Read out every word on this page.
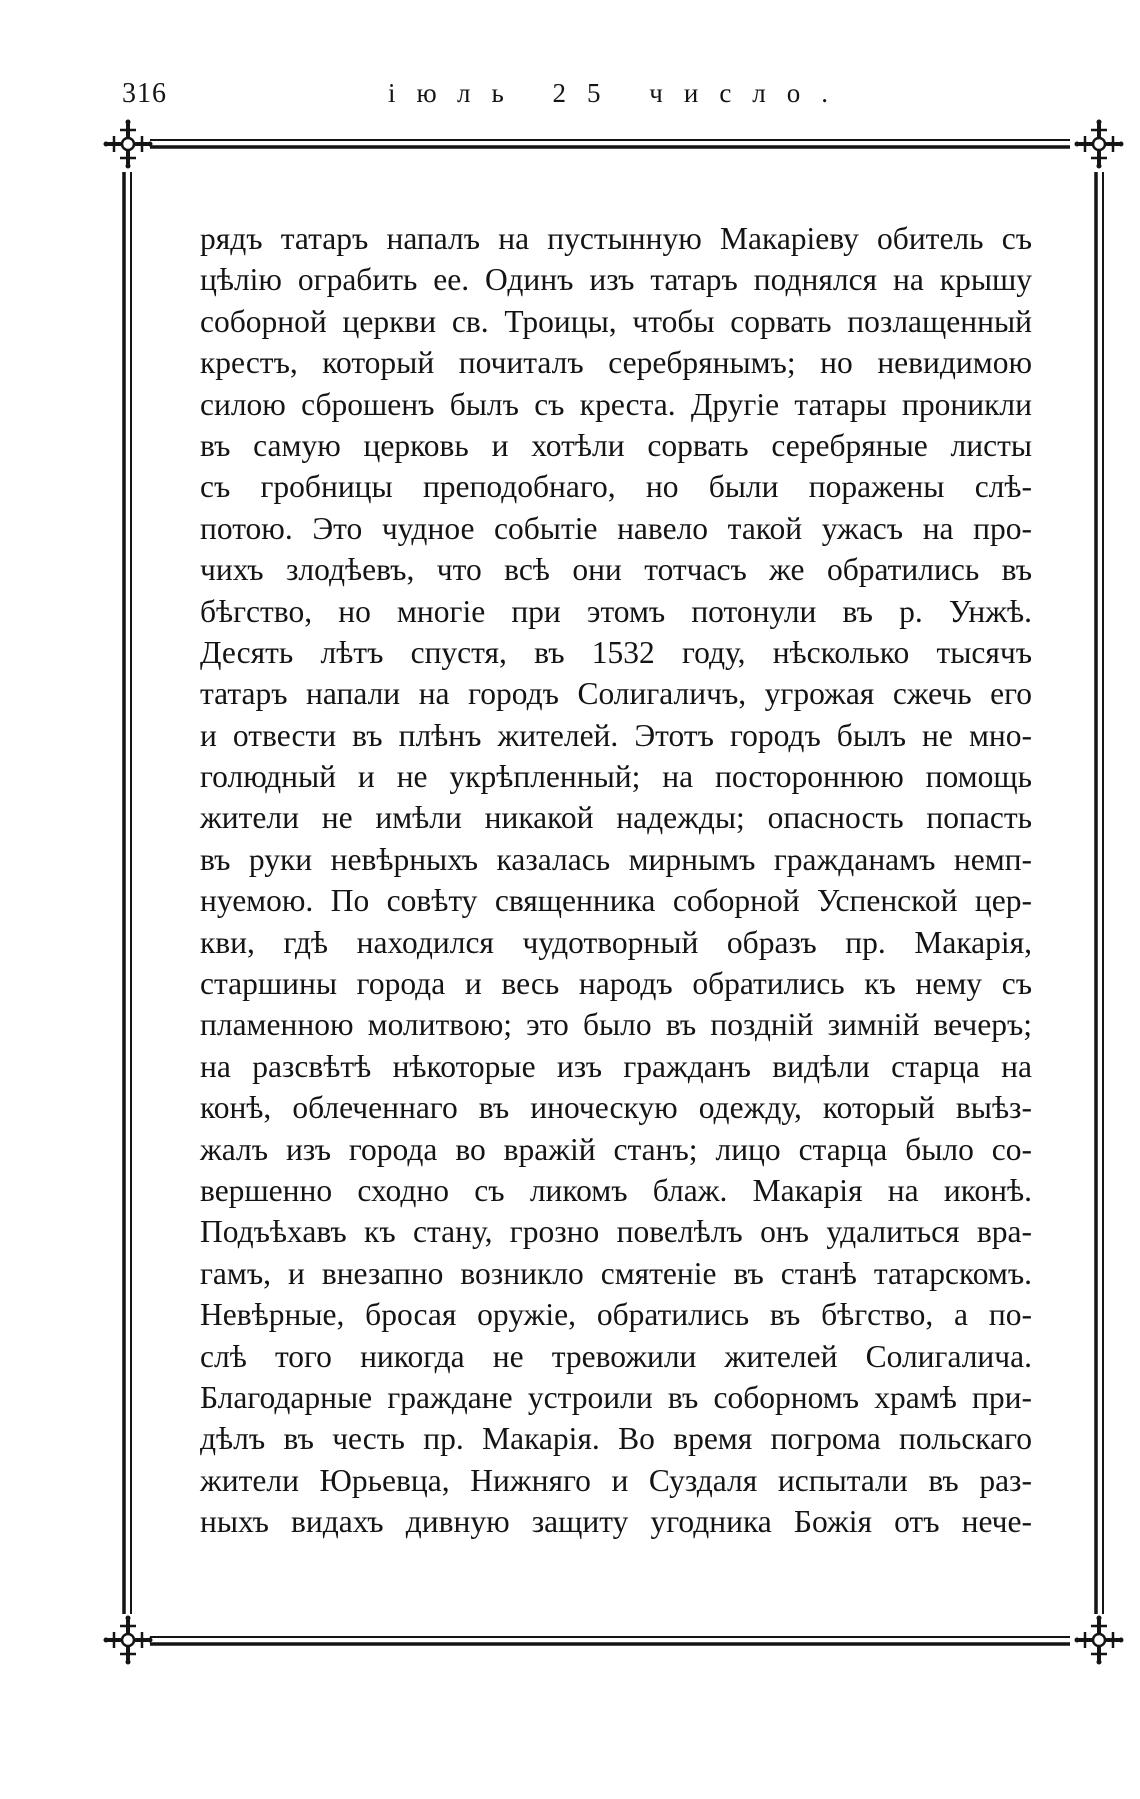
316	іюль 25 число.
рядъ татаръ напалъ на пустынную Макаріеву обитель съ
цѣлію ограбить ее. Одинъ изъ татаръ поднялся на крышу
соборной церкви св. Троицы, чтобы сорвать позлащенный
крестъ, который почиталъ серебрянымъ; но невидимою
силою сброшенъ былъ съ креста. Другіе татары проникли
въ самую церковь и хотѣли сорвать серебряные листы
съ гробницы преподобнаго, но были поражены слѣ-
потою. Это чудное событіе навело такой ужасъ на про-
чихъ злодѣевъ, что всѣ они тотчасъ же обратились въ
бѣгство, но многіе при этомъ потонули въ р. Унжѣ.
Десять лѣтъ спустя, въ 1532 году, нѣсколько тысячъ
татаръ напали на городъ Солигаличъ, угрожая сжечь его
и отвести въ плѣнъ жителей. Этотъ городъ былъ не мно-
голюдный и не укрѣпленный; на постороннюю помощь
жители не имѣли никакой надежды; опасность попасть
въ руки невѣрныхъ казалась мирнымъ гражданамъ немп-
нуемою. По совѣту священника соборной Успенской цер-
кви, гдѣ находился чудотворный образъ пр. Макарія,
старшины города и весь народъ обратились къ нему съ
пламенною молитвою; это было въ поздній зимній вечеръ;
на разсвѣтѣ нѣкоторые изъ гражданъ видѣли старца на
конѣ, облеченнаго въ иноческую одежду, который выѣз-
жалъ изъ города во вражій станъ; лицо старца было со-
вершенно сходно съ ликомъ блаж. Макарія на иконѣ.
Подъѣхавъ къ стану, грозно повелѣлъ онъ удалиться вра-
гамъ, и внезапно возникло смятеніе въ станѣ татарскомъ.
Невѣрные, бросая оружіе, обратились въ бѣгство, а по-
слѣ того никогда не тревожили жителей Солигалича.
Благодарные граждане устроили въ соборномъ храмѣ при-
дѣлъ въ честь пр. Макарія. Во время погрома польскаго
жители Юрьевца, Нижняго и Суздаля испытали въ раз-
ныхъ видахъ дивную защиту угодника Божія отъ нече-
